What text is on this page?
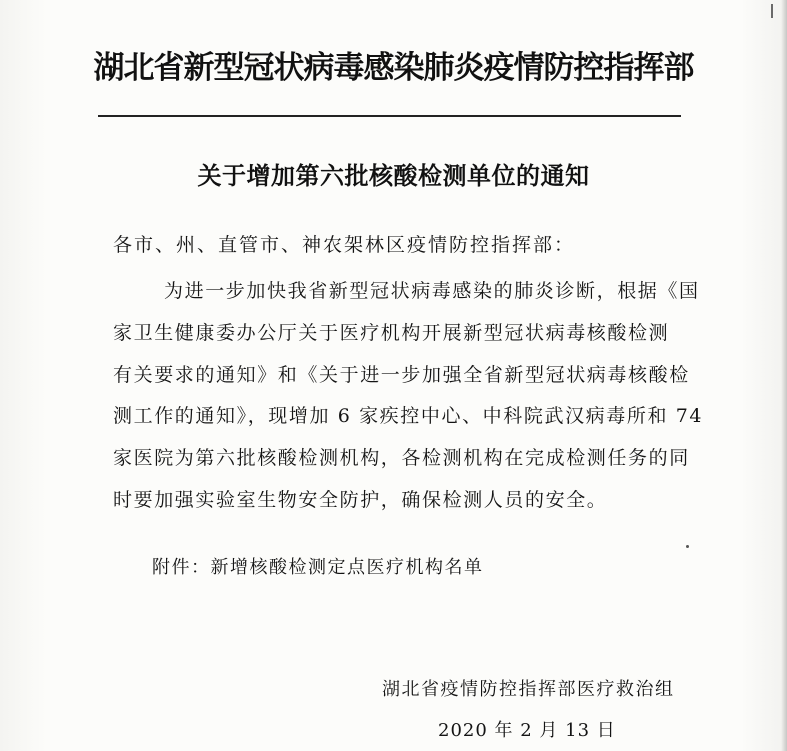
湖北省新型冠状病毒感染肺炎疫情防控指挥部
关于增加第六批核酸检测单位的通知
各市、州、直管市、神农架林区疫情防控指挥部：
为进一步加快我省新型冠状病毒感染的肺炎诊断，根据《国
家卫生健康委办公厅关于医疗机构开展新型冠状病毒核酸检测
有关要求的通知》和《关于进一步加强全省新型冠状病毒核酸检
测工作的通知》，现增加 6 家疾控中心、中科院武汉病毒所和 74
家医院为第六批核酸检测机构，各检测机构在完成检测任务的同
时要加强实验室生物安全防护，确保检测人员的安全。
附件：新增核酸检测定点医疗机构名单
湖北省疫情防控指挥部医疗救治组
2020 年 2 月 13 日
